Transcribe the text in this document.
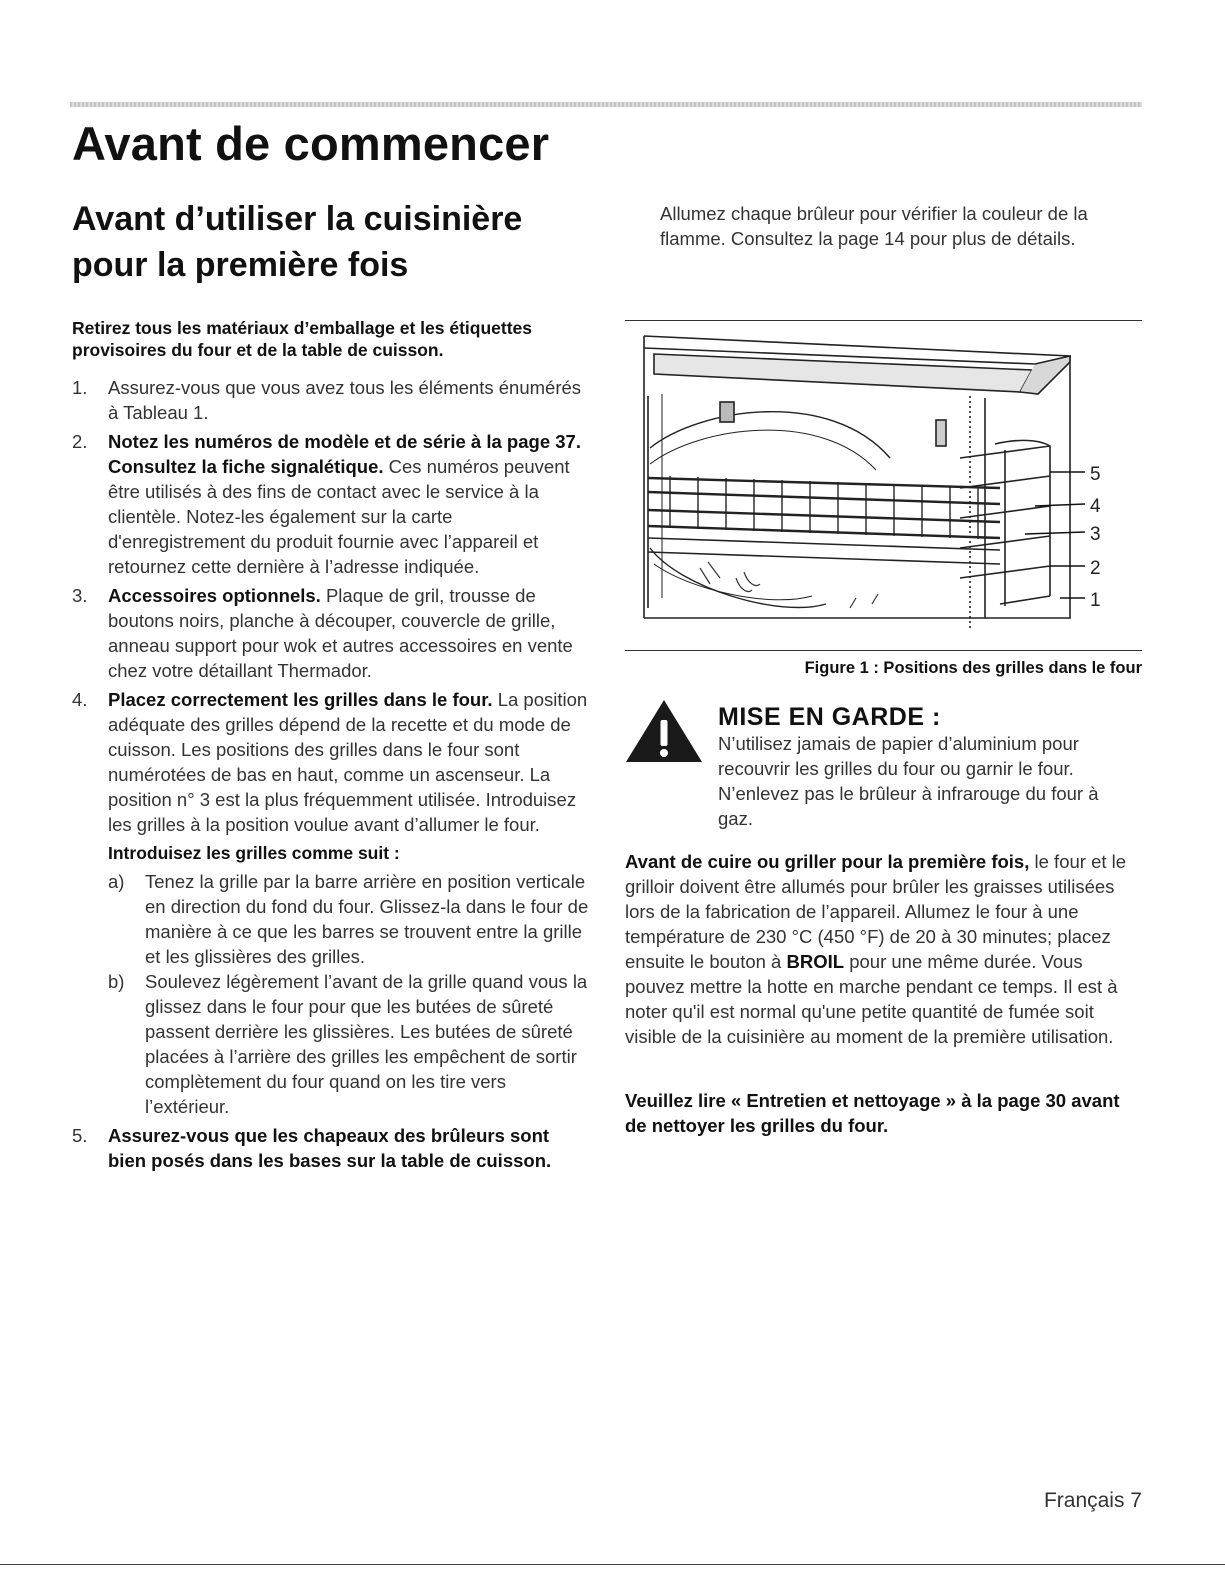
Avant de commencer
Avant d’utiliser la cuisinière pour la première fois

Allumez chaque brûleur pour vérifier la couleur de la flamme. Consultez la page 14 pour plus de détails.

Retirez tous les matériaux d’emballage et les étiquettes provisoires du four et de la table de cuisson.

1. Assurez-vous que vous avez tous les éléments énumérés à Tableau 1.
2. Notez les numéros de modèle et de série à la page 37. Consultez la fiche signalétique. Ces numéros peuvent être utilisés à des fins de contact avec le service à la clientèle. Notez-les également sur la carte d'enregistrement du produit fournie avec l’appareil et retournez cette dernière à l’adresse indiquée.
3. Accessoires optionnels. Plaque de gril, trousse de boutons noirs, planche à découper, couvercle de grille, anneau support pour wok et autres accessoires en vente chez votre détaillant Thermador.
4. Placez correctement les grilles dans le four. La position adéquate des grilles dépend de la recette et du mode de cuisson. Les positions des grilles dans le four sont numérotées de bas en haut, comme un ascenseur. La position n° 3 est la plus fréquemment utilisée. Introduisez les grilles à la position voulue avant d’allumer le four.
Introduisez les grilles comme suit :
a) Tenez la grille par la barre arrière en position verticale en direction du fond du four. Glissez-la dans le four de manière à ce que les barres se trouvent entre la grille et les glissières des grilles.
b) Soulevez légèrement l’avant de la grille quand vous la glissez dans le four pour que les butées de sûreté passent derrière les glissières. Les butées de sûreté placées à l’arrière des grilles les empêchent de sortir complètement du four quand on les tire vers l’extérieur.
5. Assurez-vous que les chapeaux des brûleurs sont bien posés dans les bases sur la table de cuisson.
5
4
3
2
1

Figure 1 : Positions des grilles dans le four

MISE EN GARDE :

N’utilisez jamais de papier d’aluminium pour recouvrir les grilles du four ou garnir le four. N’enlevez pas le brûleur à infrarouge du four à gaz.

Avant de cuire ou griller pour la première fois, le four et le grilloir doivent être allumés pour brûler les graisses utilisées lors de la fabrication de l’appareil. Allumez le four à une température de 230 °C (450 °F) de 20 à 30 minutes; placez ensuite le bouton à BROIL pour une même durée. Vous pouvez mettre la hotte en marche pendant ce temps. Il est à noter qu'il est normal qu'une petite quantité de fumée soit visible de la cuisinière au moment de la première utilisation.

Veuillez lire « Entretien et nettoyage » à la page 30 avant de nettoyer les grilles du four.

Français 7
